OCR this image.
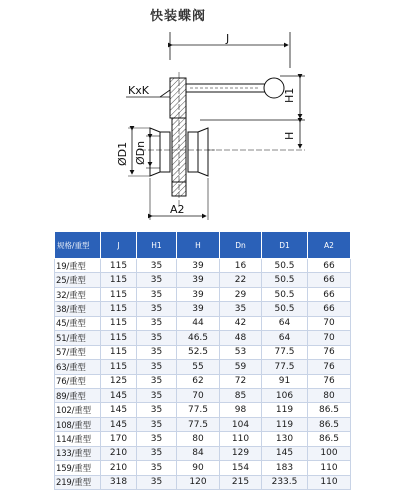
快装蝶阀
J
H1
H
KxK
ØD1 ØDn
A2
规格/重型	J	H1	H	Dn	D1	A2
19/重型	115	35	39	16	50.5	66
25/重型	115	35	39	22	50.5	66
32/重型	115	35	39	29	50.5	66
38/重型	115	35	39	35	50.5	66
45/重型	115	35	44	42	64	70
51/重型	115	35	46.5	48	64	70
57/重型	115	35	52.5	53	77.5	76
63/重型	115	35	55	59	77.5	76
76/重型	125	35	62	72	91	76
89/重型	145	35	70	85	106	80
102/重型	145	35	77.5	98	119	86.5
108/重型	145	35	77.5	104	119	86.5
114/重型	170	35	80	110	130	86.5
133/重型	210	35	84	129	145	100
159/重型	210	35	90	154	183	110
219/重型	318	35	120	215	233.5	110
